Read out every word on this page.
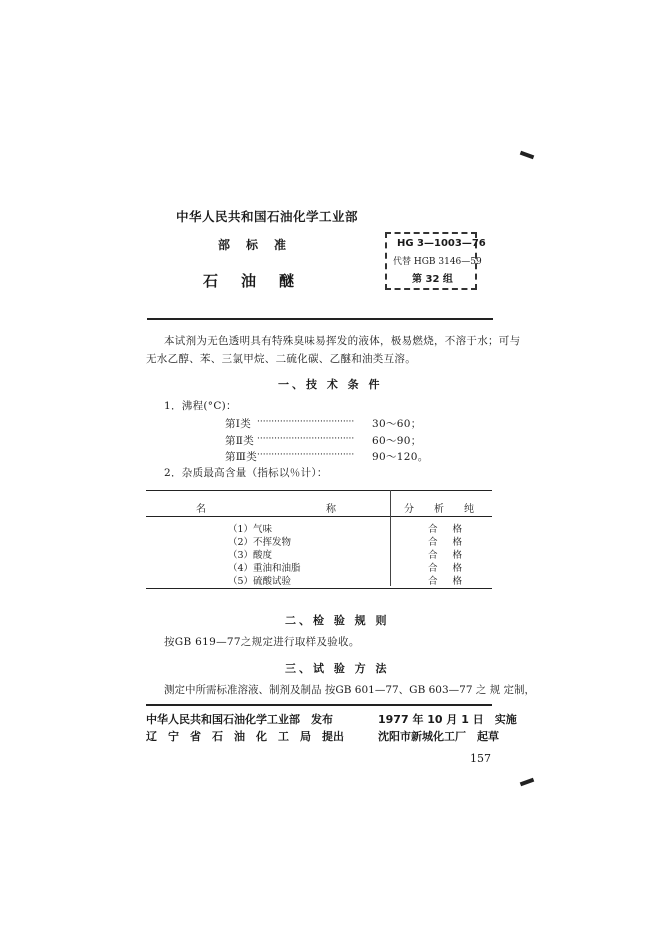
中华人民共和国石油化学工业部
部　标　准
石　油　醚
HG 3—1003—76
代替 HGB 3146—59
第 32 组
本试剂为无色透明具有特殊臭味易挥发的液体，极易燃烧，不溶于水；可与
无水乙醇、苯、三氯甲烷、二硫化碳、乙醚和油类互溶。
一、技 术 条 件
1．沸程(°C)：
第Ⅰ类 ·································· 30～60；
第Ⅱ类 ·································· 60～90；
第Ⅲ类 ·································· 90～120。
2．杂质最高含量（指标以％计）：
名	称	分　　析　　纯
（1）气味	合 格
（2）不挥发物	合 格
（3）酸度	合 格
（4）重油和油脂	合 格
（5）硫酸试验	合 格
二、检 验 规 则
按GB 619—77之规定进行取样及验收。
三、试 验 方 法
测定中所需标准溶液、制剂及制品 按GB 601—77、GB 603—77 之 规 定制，
中华人民共和国石油化学工业部　发布	1977 年 10 月 1 日　实施
辽　宁　省　石　油　化　工　局　提出	沈阳市新城化工厂　起草
157
